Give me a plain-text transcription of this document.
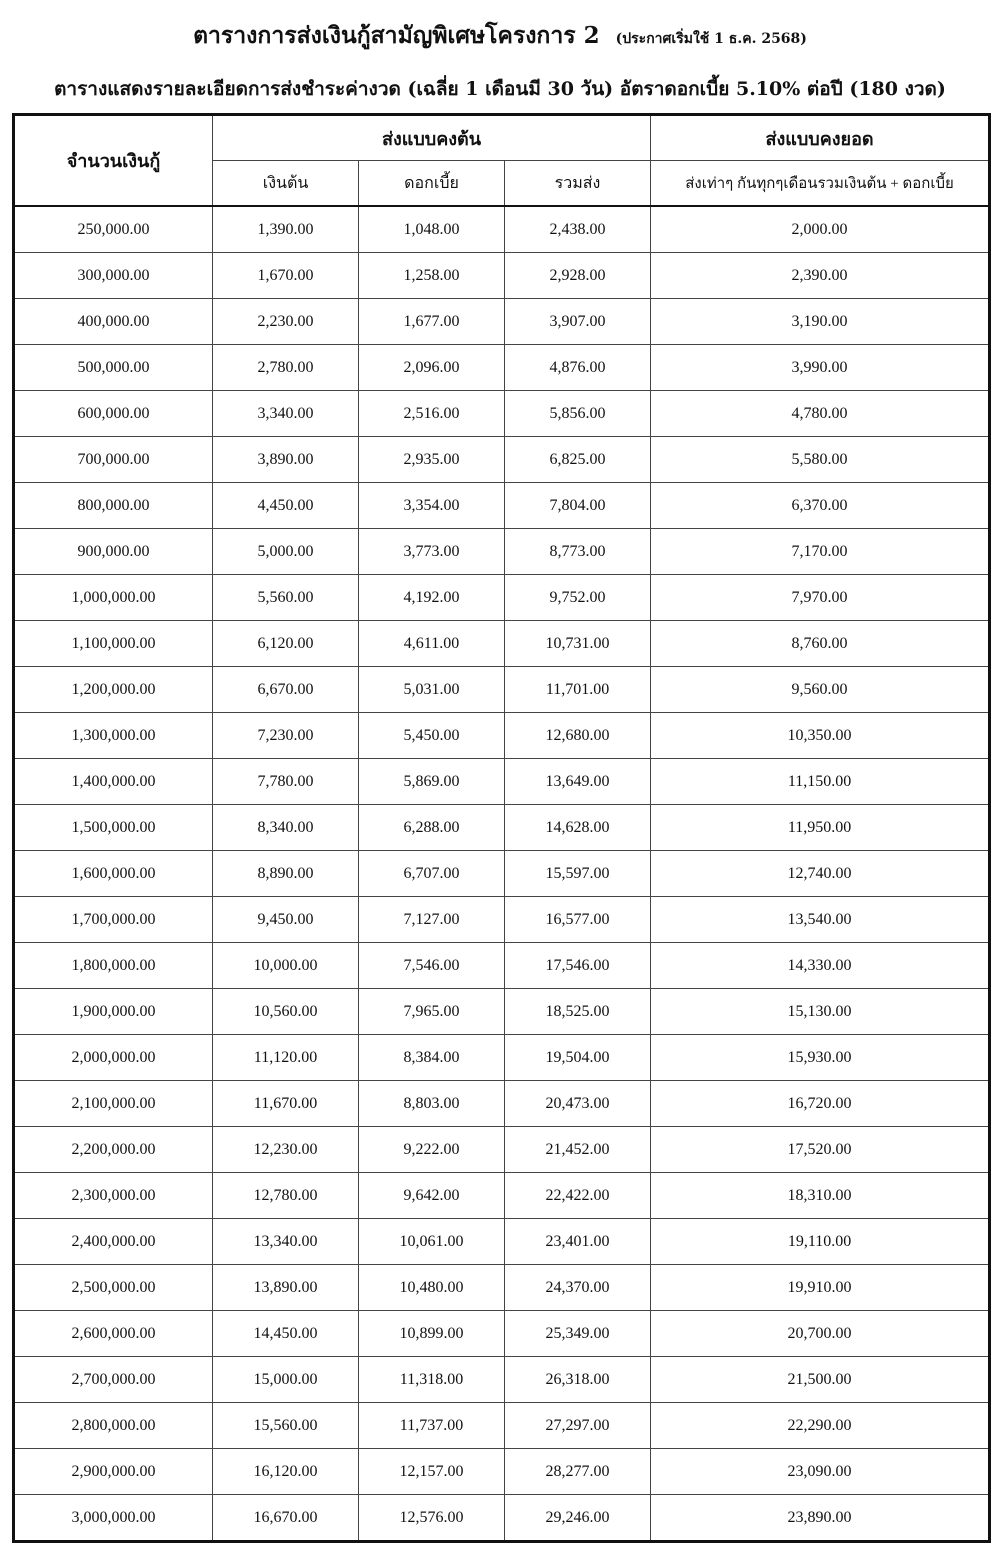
ตารางการส่งเงินกู้สามัญพิเศษโครงการ 2 (ประกาศเริ่มใช้ 1 ธ.ค. 2568)
ตารางแสดงรายละเอียดการส่งชำระค่างวด (เฉลี่ย 1 เดือนมี 30 วัน) อัตราดอกเบี้ย 5.10% ต่อปี (180 งวด)
จำนวนเงินกู้	ส่งแบบคงต้น			ส่งแบบคงยอด
	เงินต้น	ดอกเบี้ย	รวมส่ง	ส่งเท่าๆ กันทุกๆเดือนรวมเงินต้น + ดอกเบี้ย
250,000.00	1,390.00	1,048.00	2,438.00	2,000.00
300,000.00	1,670.00	1,258.00	2,928.00	2,390.00
400,000.00	2,230.00	1,677.00	3,907.00	3,190.00
500,000.00	2,780.00	2,096.00	4,876.00	3,990.00
600,000.00	3,340.00	2,516.00	5,856.00	4,780.00
700,000.00	3,890.00	2,935.00	6,825.00	5,580.00
800,000.00	4,450.00	3,354.00	7,804.00	6,370.00
900,000.00	5,000.00	3,773.00	8,773.00	7,170.00
1,000,000.00	5,560.00	4,192.00	9,752.00	7,970.00
1,100,000.00	6,120.00	4,611.00	10,731.00	8,760.00
1,200,000.00	6,670.00	5,031.00	11,701.00	9,560.00
1,300,000.00	7,230.00	5,450.00	12,680.00	10,350.00
1,400,000.00	7,780.00	5,869.00	13,649.00	11,150.00
1,500,000.00	8,340.00	6,288.00	14,628.00	11,950.00
1,600,000.00	8,890.00	6,707.00	15,597.00	12,740.00
1,700,000.00	9,450.00	7,127.00	16,577.00	13,540.00
1,800,000.00	10,000.00	7,546.00	17,546.00	14,330.00
1,900,000.00	10,560.00	7,965.00	18,525.00	15,130.00
2,000,000.00	11,120.00	8,384.00	19,504.00	15,930.00
2,100,000.00	11,670.00	8,803.00	20,473.00	16,720.00
2,200,000.00	12,230.00	9,222.00	21,452.00	17,520.00
2,300,000.00	12,780.00	9,642.00	22,422.00	18,310.00
2,400,000.00	13,340.00	10,061.00	23,401.00	19,110.00
2,500,000.00	13,890.00	10,480.00	24,370.00	19,910.00
2,600,000.00	14,450.00	10,899.00	25,349.00	20,700.00
2,700,000.00	15,000.00	11,318.00	26,318.00	21,500.00
2,800,000.00	15,560.00	11,737.00	27,297.00	22,290.00
2,900,000.00	16,120.00	12,157.00	28,277.00	23,090.00
3,000,000.00	16,670.00	12,576.00	29,246.00	23,890.00
